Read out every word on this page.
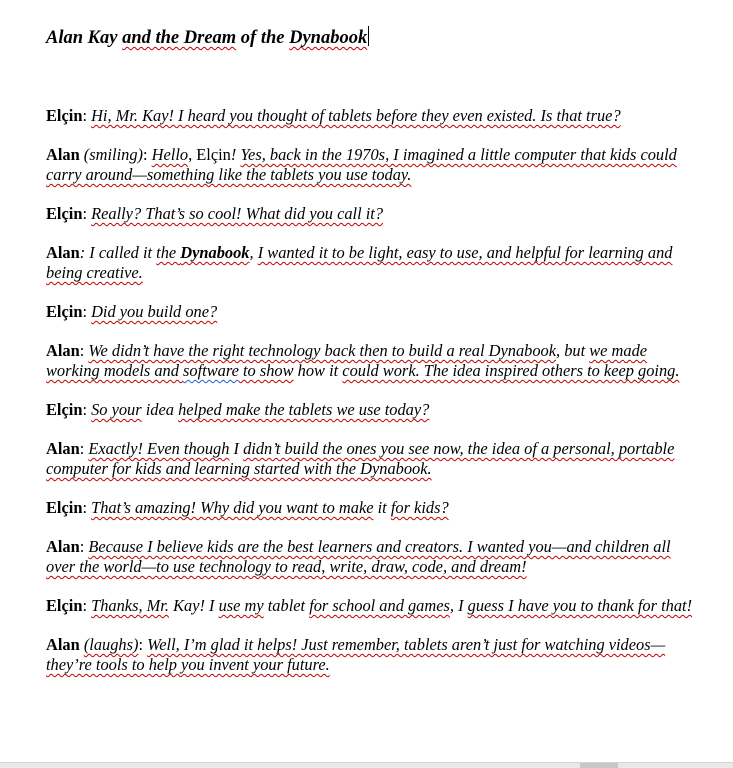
Alan Kay and the Dream of the Dynabook

Elçin: Hi, Mr. Kay! I heard you thought of tablets before they even existed. Is that true?

Alan (smiling): Hello, Elçin! Yes, back in the 1970s, I imagined a little computer that kids could carry around—something like the tablets you use today.

Elçin: Really? That’s so cool! What did you call it?

Alan: I called it the Dynabook, I wanted it to be light, easy to use, and helpful for learning and being creative.

Elçin: Did you build one?

Alan: We didn’t have the right technology back then to build a real Dynabook, but we made working models and software to show how it could work. The idea inspired others to keep going.

Elçin: So your idea helped make the tablets we use today?

Alan: Exactly! Even though I didn’t build the ones you see now, the idea of a personal, portable computer for kids and learning started with the Dynabook.

Elçin: That’s amazing! Why did you want to make it for kids?

Alan: Because I believe kids are the best learners and creators. I wanted you—and children all over the world—to use technology to read, write, draw, code, and dream!

Elçin: Thanks, Mr. Kay! I use my tablet for school and games, I guess I have you to thank for that!

Alan (laughs): Well, I’m glad it helps! Just remember, tablets aren’t just for watching videos—they’re tools to help you invent your future.
